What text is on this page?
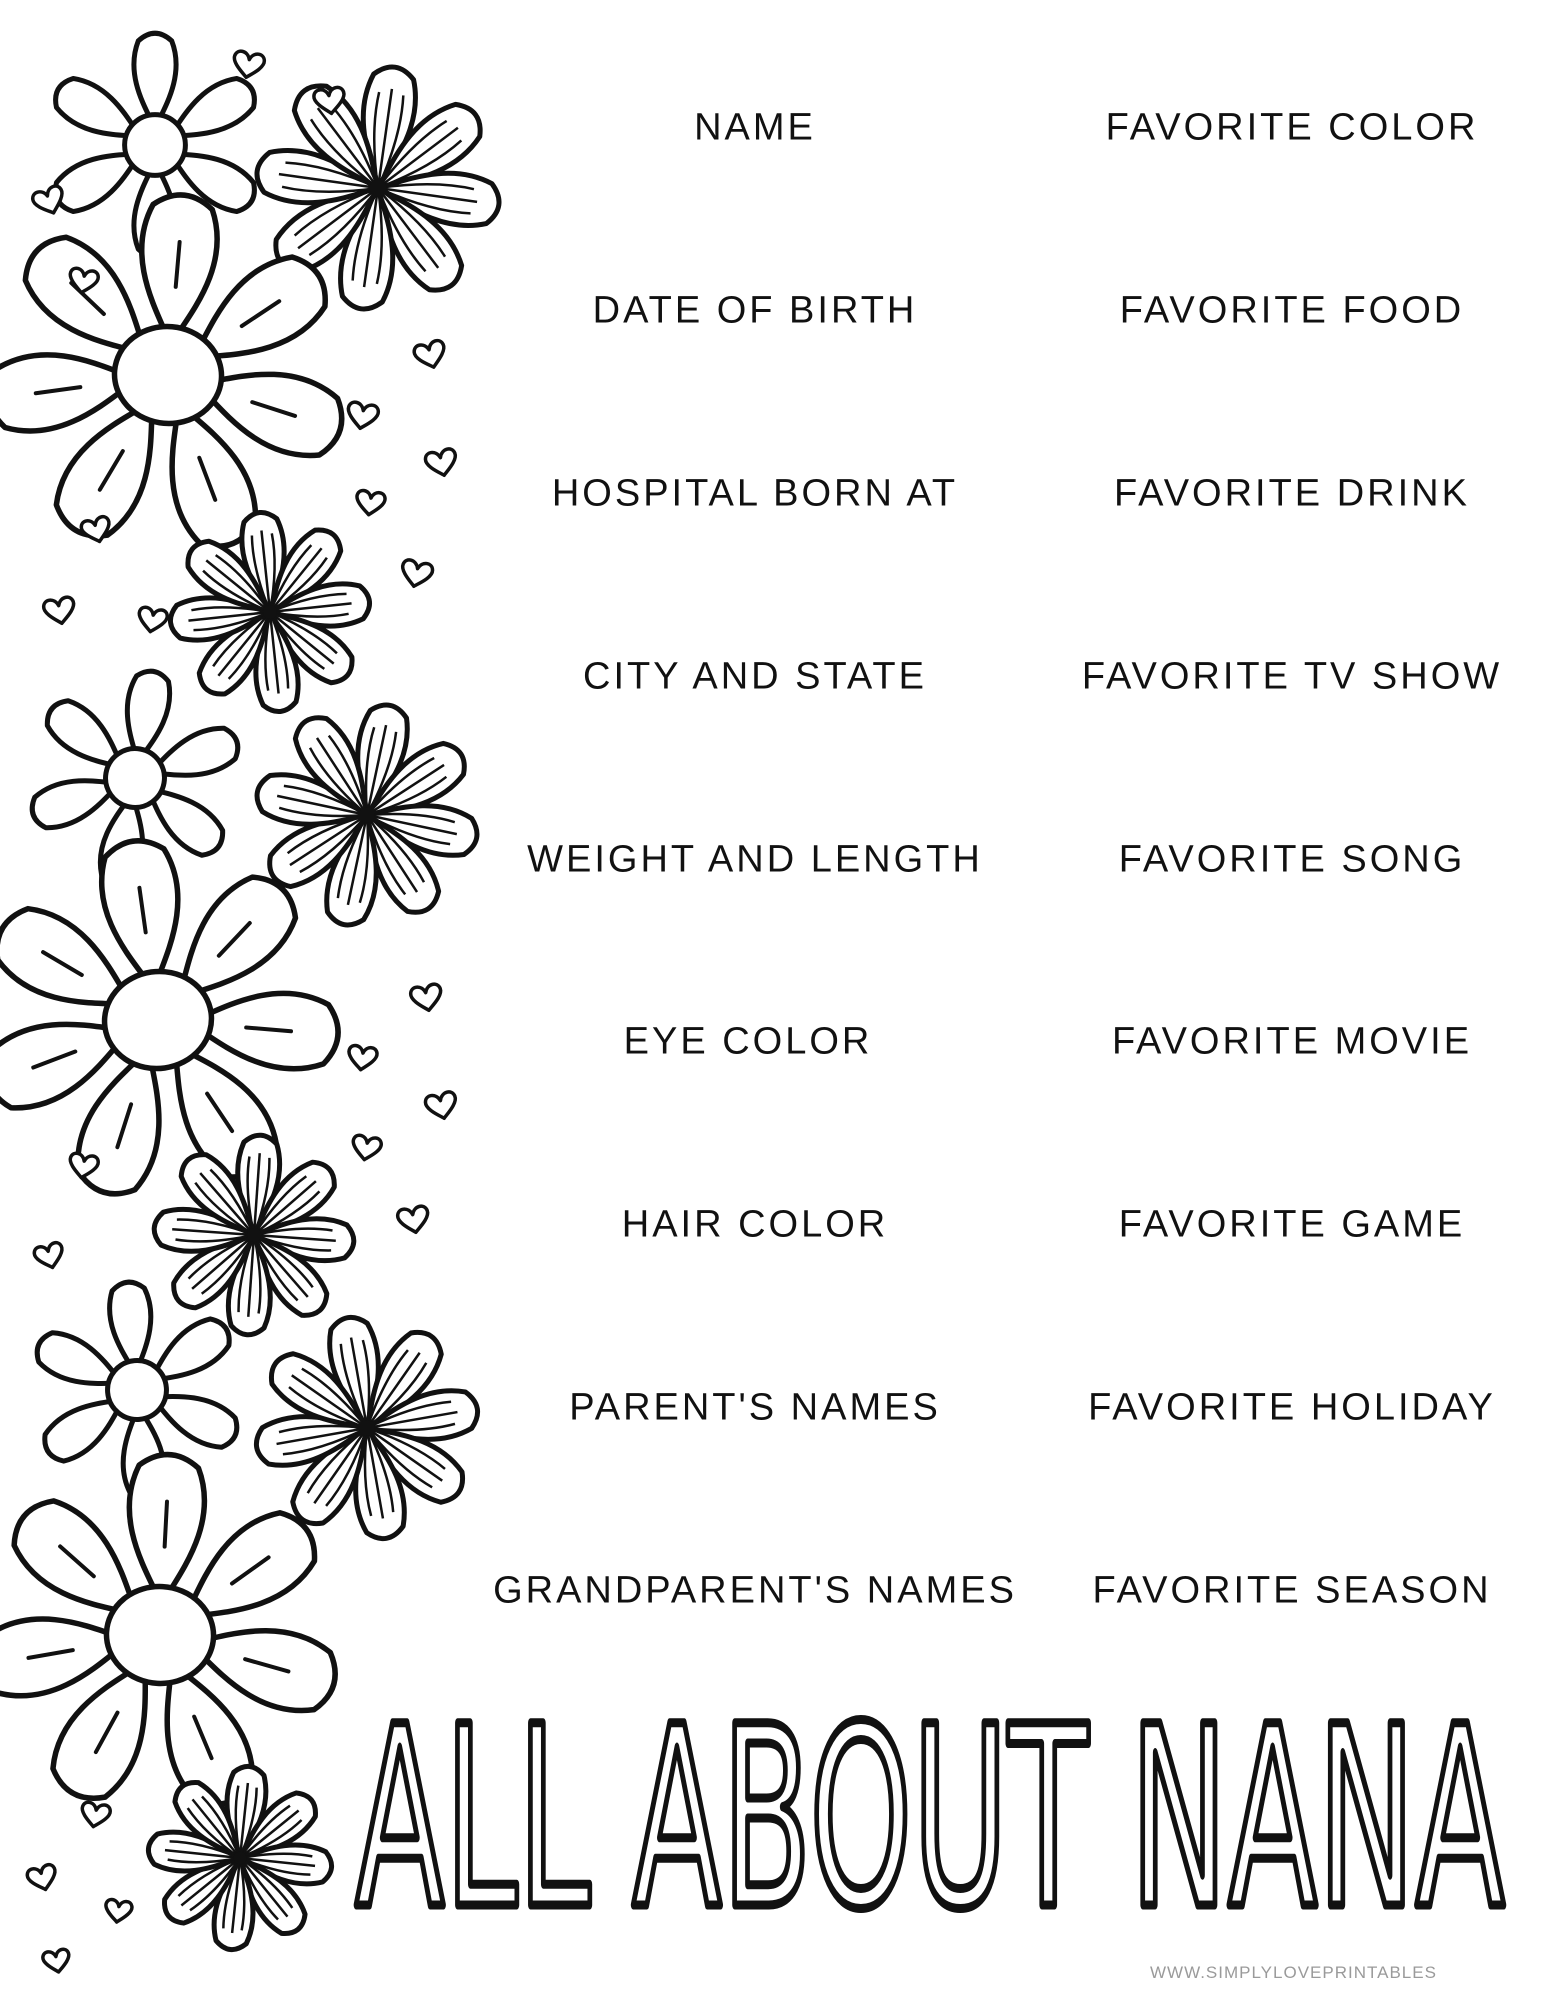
NAME
DATE OF BIRTH
HOSPITAL BORN AT
CITY AND STATE
WEIGHT AND LENGTH
EYE COLOR
HAIR COLOR
PARENT'S NAMES
GRANDPARENT'S NAMES
FAVORITE COLOR
FAVORITE FOOD
FAVORITE DRINK
FAVORITE TV SHOW
FAVORITE SONG
FAVORITE MOVIE
FAVORITE GAME
FAVORITE HOLIDAY
FAVORITE SEASON
ALL ABOUT NANA
WWW.SIMPLYLOVEPRINTABLES
